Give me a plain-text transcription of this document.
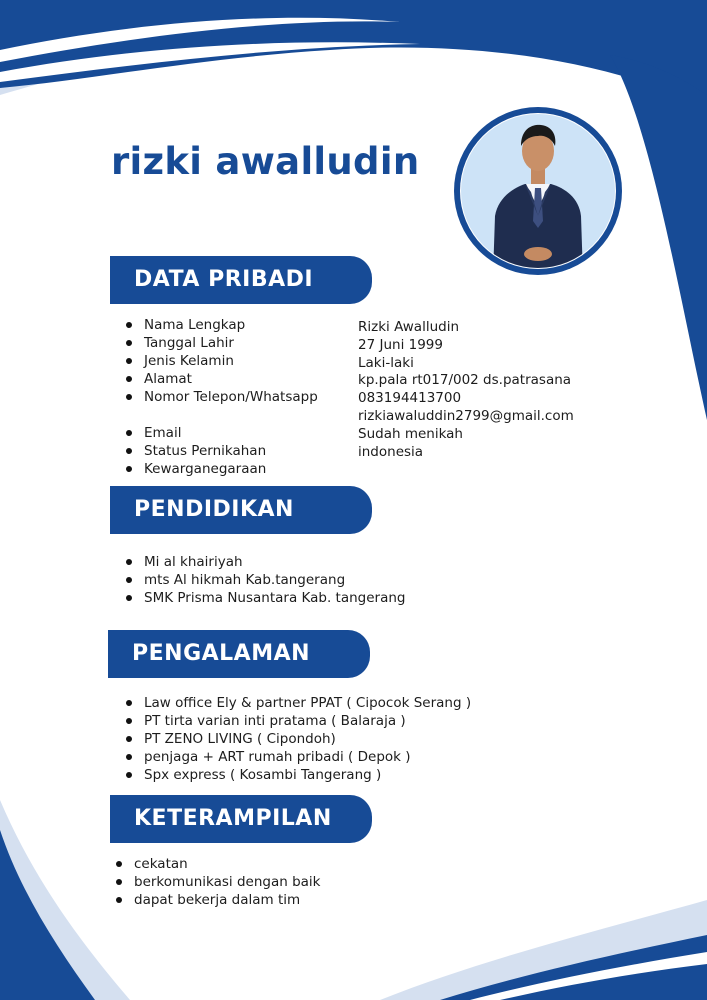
rizki awalludin
DATA PRIBADI
Nama Lengkap
Tanggal Lahir
Jenis Kelamin
Alamat
Nomor Telepon/Whatsapp
Email
Status Pernikahan
Kewarganegaraan
Rizki Awalludin
27 Juni 1999
Laki-laki
kp.pala rt017/002 ds.patrasana
083194413700
rizkiawaluddin2799@gmail.com
Sudah menikah
indonesia
PENDIDIKAN
Mi al khairiyah
mts Al hikmah Kab.tangerang
SMK Prisma Nusantara Kab. tangerang
PENGALAMAN
Law office Ely & partner PPAT ( Cipocok Serang )
PT tirta varian inti pratama ( Balaraja )
PT ZENO LIVING ( Cipondoh)
penjaga + ART rumah pribadi ( Depok )
Spx express ( Kosambi Tangerang )
KETERAMPILAN
cekatan
berkomunikasi dengan baik
dapat bekerja dalam tim
